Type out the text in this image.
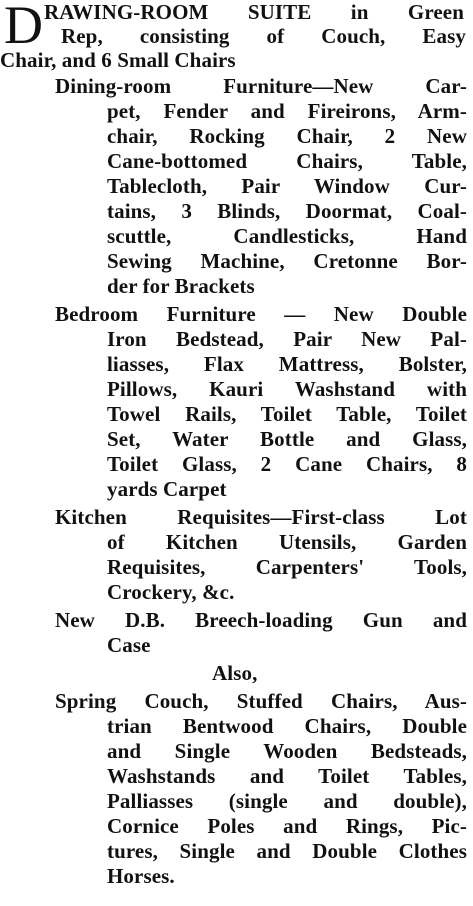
D RAWING-ROOM SUITE in Green
Rep, consisting of Couch, Easy
Chair, and 6 Small Chairs
Dining-room Furniture—New Car-
pet, Fender and Fireirons, Arm-
chair, Rocking Chair, 2 New
Cane-bottomed Chairs, Table,
Tablecloth, Pair Window Cur-
tains, 3 Blinds, Doormat, Coal-
scuttle, Candlesticks, Hand
Sewing Machine, Cretonne Bor-
der for Brackets
Bedroom Furniture — New Double
Iron Bedstead, Pair New Pal-
liasses, Flax Mattress, Bolster,
Pillows, Kauri Washstand with
Towel Rails, Toilet Table, Toilet
Set, Water Bottle and Glass,
Toilet Glass, 2 Cane Chairs, 8
yards Carpet
Kitchen Requisites—First-class Lot
of Kitchen Utensils, Garden
Requisites, Carpenters' Tools,
Crockery, &c.
New D.B. Breech-loading Gun and
Case
Also,
Spring Couch, Stuffed Chairs, Aus-
trian Bentwood Chairs, Double
and Single Wooden Bedsteads,
Washstands and Toilet Tables,
Palliasses (single and double),
Cornice Poles and Rings, Pic-
tures, Single and Double Clothes
Horses.
